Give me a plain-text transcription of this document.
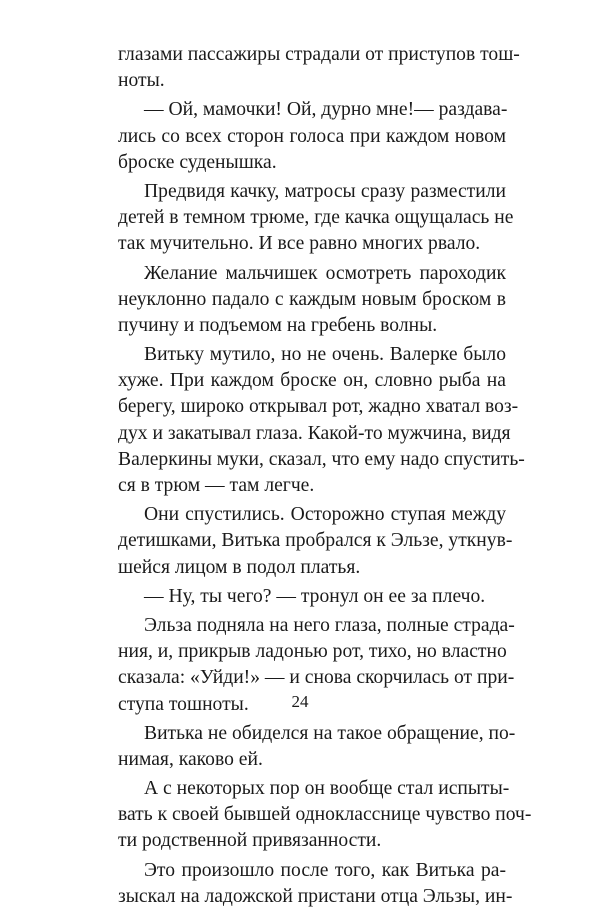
глазами пассажиры страдали от приступов тош-
ноты.
— Ой, мамочки! Ой, дурно мне!— раздава-
лись со всех сторон голоса при каждом новом
броске суденышка.
Предвидя качку, матросы сразу разместили
детей в темном трюме, где качка ощущалась не
так мучительно. И все равно многих рвало.
Желание мальчишек осмотреть пароходик
неуклонно падало с каждым новым броском в
пучину и подъемом на гребень волны.
Витьку мутило, но не очень. Валерке было
хуже. При каждом броске он, словно рыба на
берегу, широко открывал рот, жадно хватал воз-
дух и закатывал глаза. Какой-то мужчина, видя
Валеркины муки, сказал, что ему надо спустить-
ся в трюм — там легче.
Они спустились. Осторожно ступая между
детишками, Витька пробрался к Эльзе, уткнув-
шейся лицом в подол платья.
— Ну, ты чего? — тронул он ее за плечо.
Эльза подняла на него глаза, полные страда-
ния, и, прикрыв ладонью рот, тихо, но властно
сказала: «Уйди!» — и снова скорчилась от при-
ступа тошноты.
Витька не обиделся на такое обращение, по-
нимая, каково ей.
А с некоторых пор он вообще стал испыты-
вать к своей бывшей однокласснице чувство поч-
ти родственной привязанности.
Это произошло после того, как Витька ра-
зыскал на ладожской пристани отца Эльзы, ин-
24
